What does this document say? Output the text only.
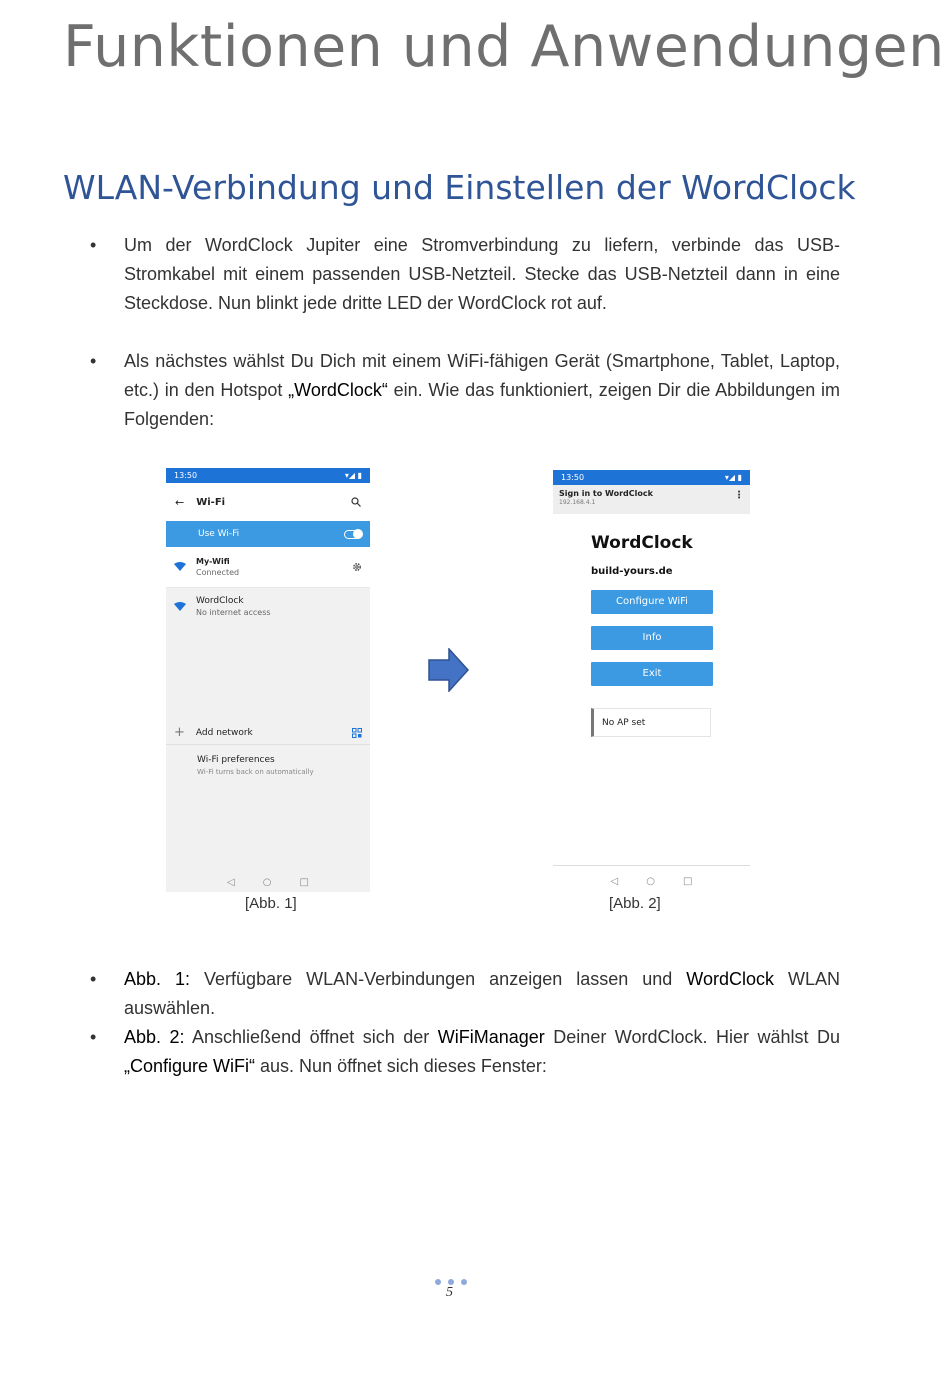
Funktionen und Anwendungen
WLAN-Verbindung und Einstellen der WordClock
• Um der WordClock Jupiter eine Stromverbindung zu liefern, verbinde das USB-Stromkabel mit einem passenden USB-Netzteil. Stecke das USB-Netzteil dann in eine Steckdose. Nun blinkt jede dritte LED der WordClock rot auf.
• Als nächstes wählst Du Dich mit einem WiFi-fähigen Gerät (Smartphone, Tablet, Laptop, etc.) in den Hotspot „WordClock“ ein. Wie das funktioniert, zeigen Dir die Abbildungen im Folgenden:
13:50	▾◢ ▮
← Wi-Fi
Use Wi-Fi
My-Wifi
Connected
WordClock
No internet access
+ Add network
Wi-Fi preferences
Wi-Fi turns back on automatically
◁	○	□
[Abb. 1]
13:50	▾◢ ▮
Sign in to WordClock
192.168.4.1
⋮
WordClock
build-yours.de
Configure WiFi
Info
Exit
No AP set
◁	○	□
[Abb. 2]
• Abb. 1: Verfügbare WLAN-Verbindungen anzeigen lassen und WordClock WLAN auswählen.
• Abb. 2: Anschließend öffnet sich der WiFiManager Deiner WordClock. Hier wählst Du „Configure WiFi“ aus. Nun öffnet sich dieses Fenster:
5
